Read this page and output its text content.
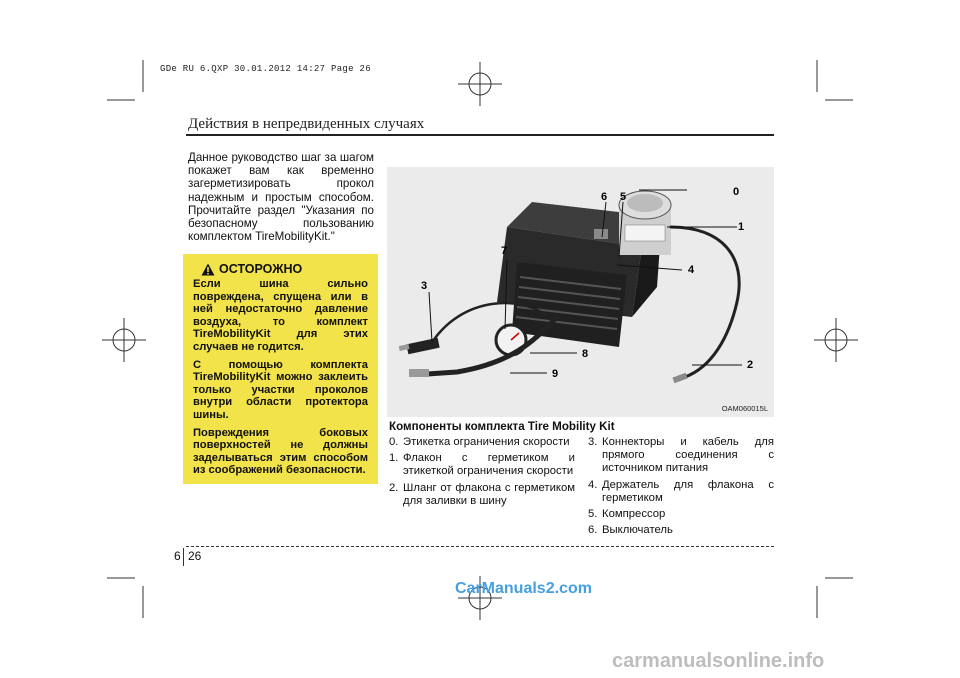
GDe RU 6.QXP 30.01.2012 14:27 Page 26
Действия в непредвиденных случаях

Данное руководство шаг за шагом покажет вам как временно загерметизировать прокол надежным и простым способом. Прочитайте раздел "Указания по безопасному пользованию комплектом TireMobilityKit."

ОСТОРОЖНО

Если шина сильно повреждена, спущена или в ней недостаточно давление воздуха, то комплект TireMobilityKit для этих случаев не годится.

С помощью комплекта TireMobilityKit можно заклеить только участки проколов внутри области протектора шины.

Повреждения боковых поверхностей не должны заделываться этим способом из соображений безопасности.

0
1
2
3
4
5
6
7
8
9
OAM060015L
Компоненты комплекта Tire Mobility Kit
0. Этикетка ограничения скорости
1. Флакон с герметиком и этикеткой ограничения скорости
2. Шланг от флакона с герметиком для заливки в шину
3. Коннекторы и кабель для прямого соединения с источником питания
4. Держатель для флакона с герметиком
5. Компрессор
6. Выключатель
6 26
CarManuals2.com
carmanualsonline.info
